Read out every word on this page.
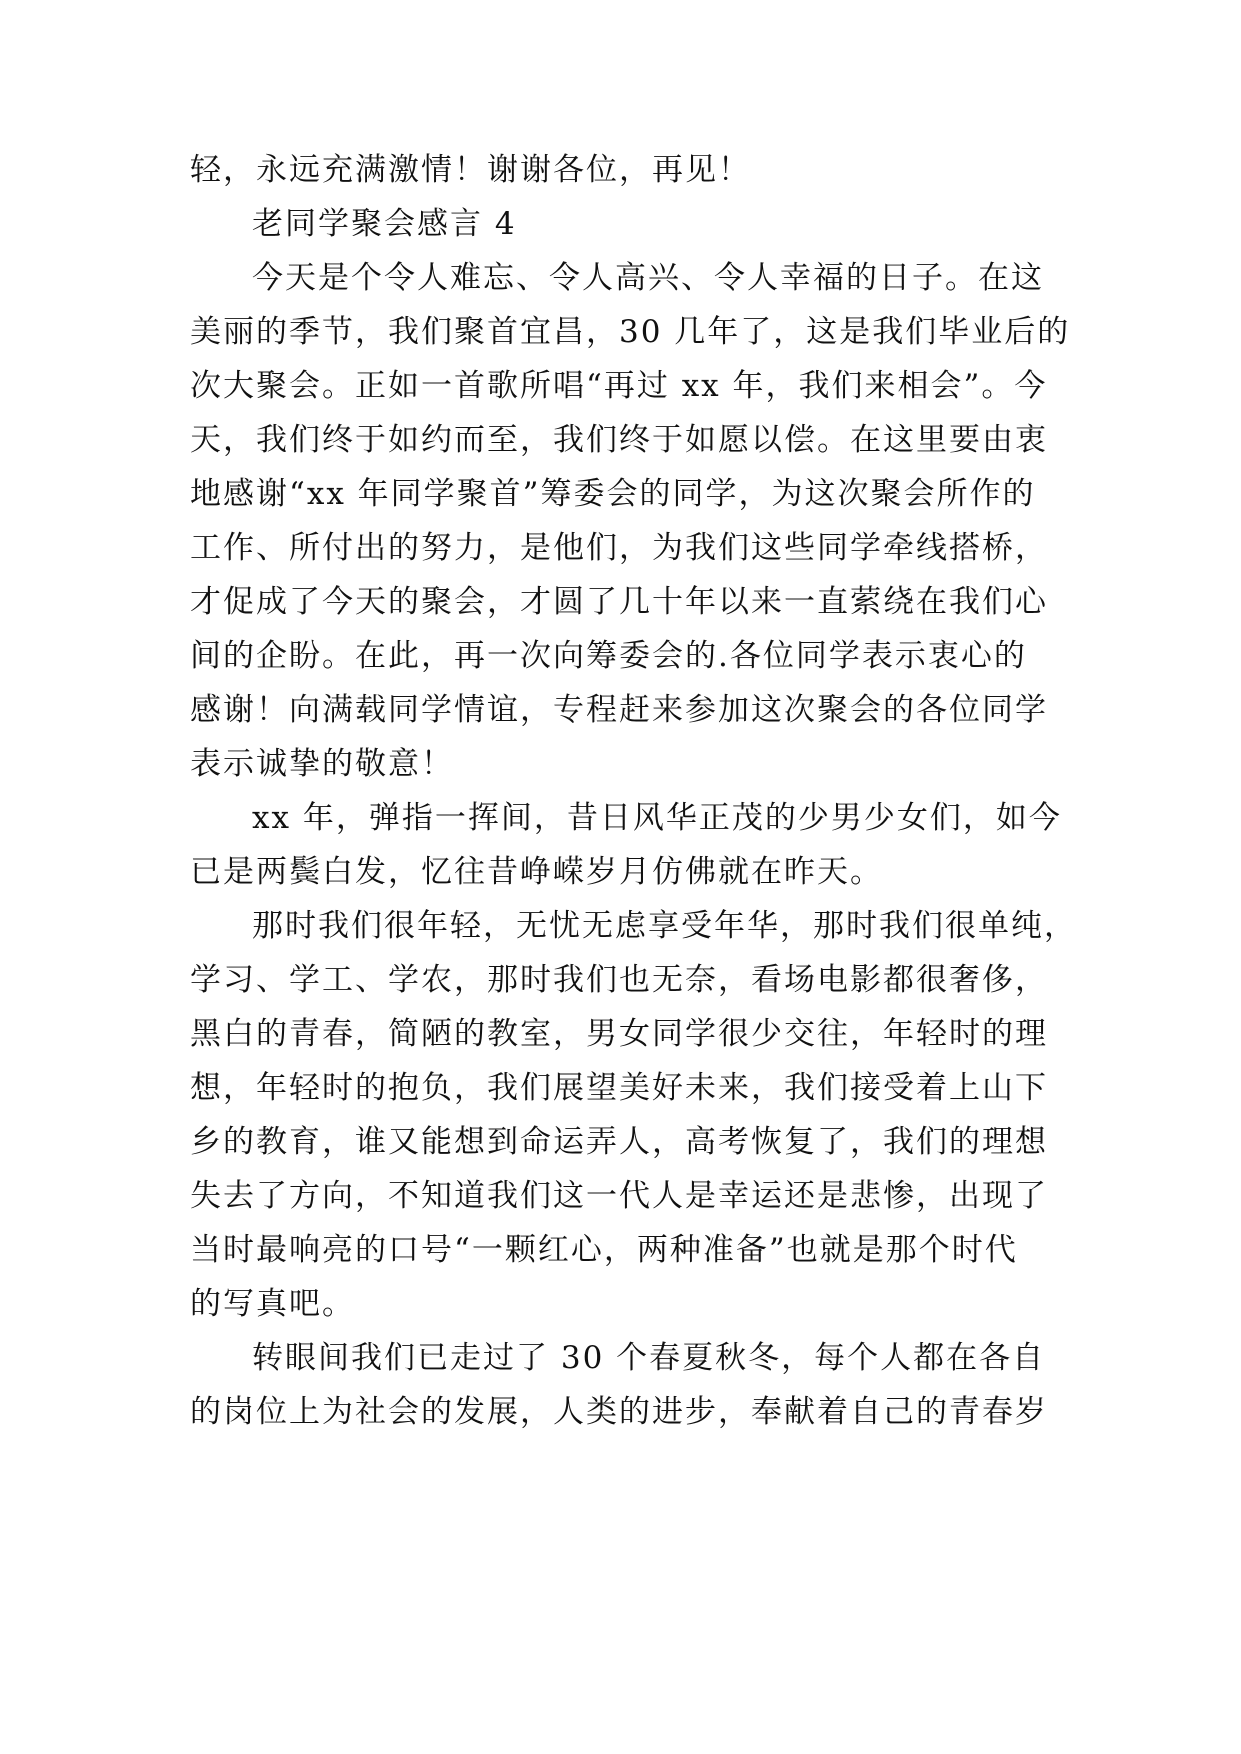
轻，永远充满激情！谢谢各位，再见！
老同学聚会感言 4
今天是个令人难忘、令人高兴、令人幸福的日子。在这
美丽的季节，我们聚首宜昌，30 几年了，这是我们毕业后的
次大聚会。正如一首歌所唱“再过 xx 年，我们来相会”。今
天，我们终于如约而至，我们终于如愿以偿。在这里要由衷
地感谢“xx 年同学聚首”筹委会的同学，为这次聚会所作的
工作、所付出的努力，是他们，为我们这些同学牵线搭桥，
才促成了今天的聚会，才圆了几十年以来一直萦绕在我们心
间的企盼。在此，再一次向筹委会的.各位同学表示衷心的
感谢！向满载同学情谊，专程赶来参加这次聚会的各位同学
表示诚挚的敬意！
xx 年，弹指一挥间，昔日风华正茂的少男少女们，如今
已是两鬓白发，忆往昔峥嵘岁月仿佛就在昨天。
那时我们很年轻，无忧无虑享受年华，那时我们很单纯，
学习、学工、学农，那时我们也无奈，看场电影都很奢侈，
黑白的青春，简陋的教室，男女同学很少交往，年轻时的理
想，年轻时的抱负，我们展望美好未来，我们接受着上山下
乡的教育，谁又能想到命运弄人，高考恢复了，我们的理想
失去了方向，不知道我们这一代人是幸运还是悲惨，出现了
当时最响亮的口号“一颗红心，两种准备”也就是那个时代
的写真吧。
转眼间我们已走过了 30 个春夏秋冬，每个人都在各自
的岗位上为社会的发展，人类的进步，奉献着自己的青春岁
